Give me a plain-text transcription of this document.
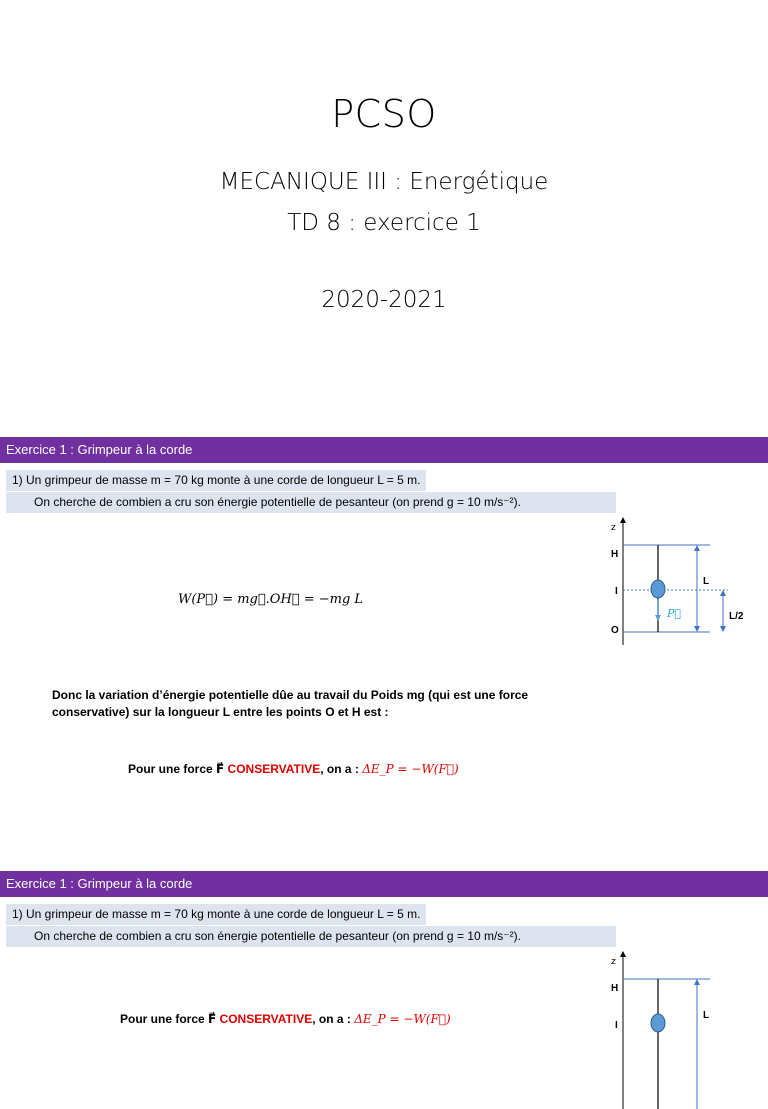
PCSO
MECANIQUE III : Energétique
TD 8 : exercice 1
2020-2021
Exercice 1 : Grimpeur à la corde
1) Un grimpeur de masse m = 70 kg monte à une corde de longueur L = 5 m.
On cherche de combien a cru son énergie potentielle de pesanteur (on prend g = 10 m/s⁻²).
W(P⃗) = mg⃗.OH⃗ = −mg L
Donc la variation d’énergie potentielle dûe au travail du Poids mg (qui est une force
conservative) sur la longueur L entre les points O et H est :
Pour une force F⃗ CONSERVATIVE, on a : ΔE_P = −W(F⃗)
z
P⃗
H
I
O
L
L/2
Exercice 1 : Grimpeur à la corde
1) Un grimpeur de masse m = 70 kg monte à une corde de longueur L = 5 m.
On cherche de combien a cru son énergie potentielle de pesanteur (on prend g = 10 m/s⁻²).
Pour une force F⃗ CONSERVATIVE, on a : ΔE_P = −W(F⃗)
z
H
I
L
